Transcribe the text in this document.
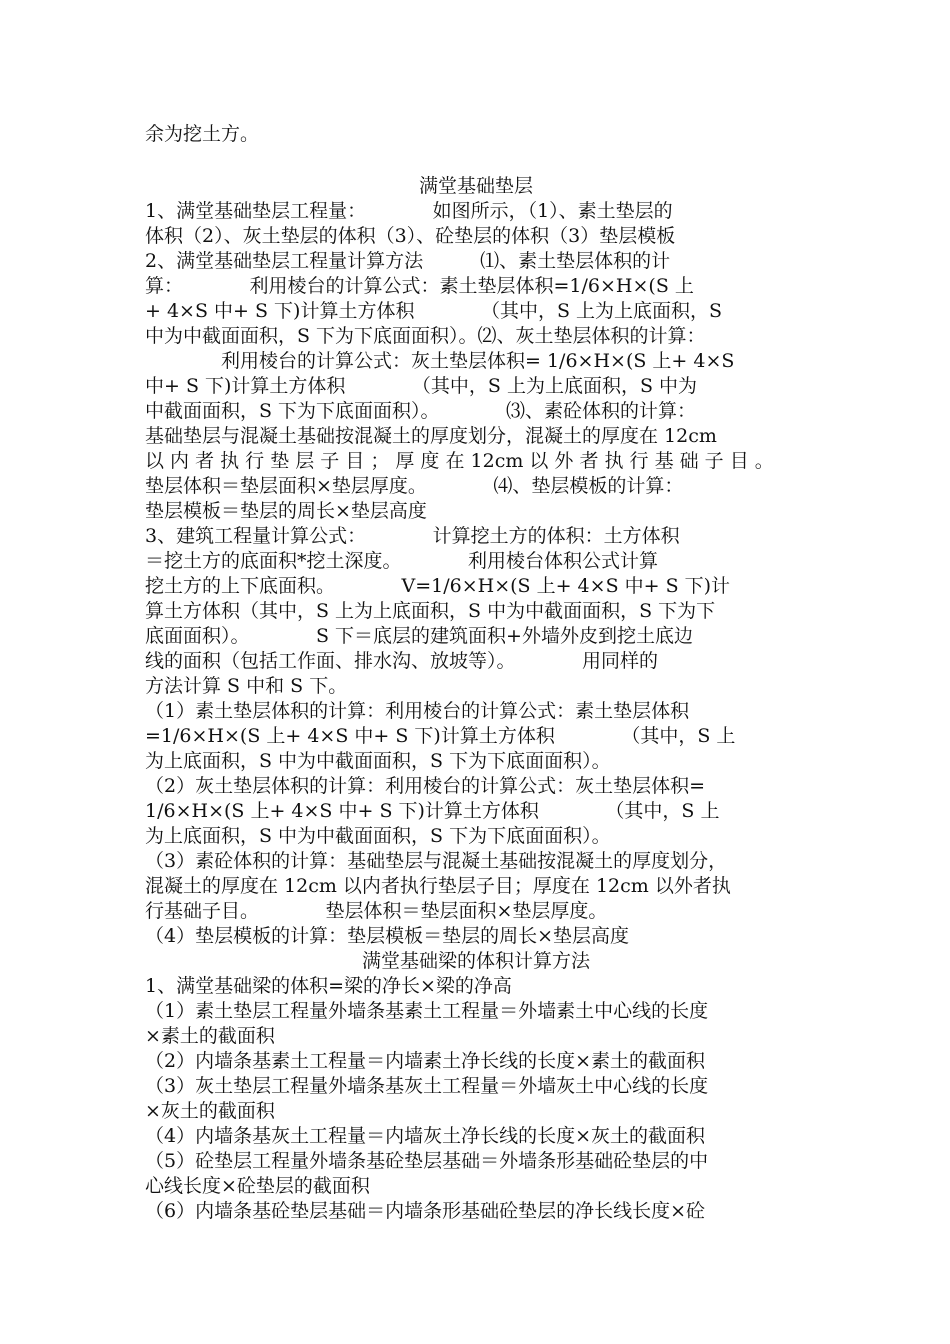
余为挖土方。
满堂基础垫层
1、满堂基础垫层工程量：　　　　如图所示，（1）、素土垫层的
体积（2）、灰土垫层的体积（3）、砼垫层的体积（3）垫层模板
2、满堂基础垫层工程量计算方法　　　⑴、素土垫层体积的计
算：　　　　利用棱台的计算公式：素土垫层体积=1/6×H×(S 上
+ 4×S 中+ S 下)计算土方体积　　　　（其中，S 上为上底面积，S
中为中截面面积，S 下为下底面面积）。⑵、灰土垫层体积的计算：
　　　　利用棱台的计算公式：灰土垫层体积= 1/6×H×(S 上+ 4×S
中+ S 下)计算土方体积　　　　（其中，S 上为上底面积，S 中为
中截面面积，S 下为下底面面积）。　　　　⑶、素砼体积的计算：
基础垫层与混凝土基础按混凝土的厚度划分，混凝土的厚度在 12cm
以 内 者 执 行 垫 层 子 目 ； 厚 度 在 12cm 以 外 者 执 行 基 础 子 目 。
垫层体积＝垫层面积×垫层厚度。　　　　⑷、垫层模板的计算：
垫层模板＝垫层的周长×垫层高度
3、建筑工程量计算公式：　　　　计算挖土方的体积：土方体积
＝挖土方的底面积*挖土深度。　　　　利用棱台体积公式计算
挖土方的上下底面积。　　　　V=1/6×H×(S 上+ 4×S 中+ S 下)计
算土方体积（其中，S 上为上底面积，S 中为中截面面积，S 下为下
底面面积）。　　　　S 下＝底层的建筑面积+外墙外皮到挖土底边
线的面积（包括工作面、排水沟、放坡等）。　　　　用同样的
方法计算 S 中和 S 下。
（1）素土垫层体积的计算：利用棱台的计算公式：素土垫层体积
=1/6×H×(S 上+ 4×S 中+ S 下)计算土方体积　　　　（其中，S 上
为上底面积，S 中为中截面面积，S 下为下底面面积）。
（2）灰土垫层体积的计算：利用棱台的计算公式：灰土垫层体积=
1/6×H×(S 上+ 4×S 中+ S 下)计算土方体积　　　　（其中，S 上
为上底面积，S 中为中截面面积，S 下为下底面面积）。
（3）素砼体积的计算：基础垫层与混凝土基础按混凝土的厚度划分，
混凝土的厚度在 12cm 以内者执行垫层子目；厚度在 12cm 以外者执
行基础子目。　　　　垫层体积＝垫层面积×垫层厚度。
（4）垫层模板的计算：垫层模板＝垫层的周长×垫层高度
满堂基础梁的体积计算方法
1、满堂基础梁的体积=梁的净长×梁的净高
（1）素土垫层工程量外墙条基素土工程量＝外墙素土中心线的长度
×素土的截面积
（2）内墙条基素土工程量＝内墙素土净长线的长度×素土的截面积
（3）灰土垫层工程量外墙条基灰土工程量＝外墙灰土中心线的长度
×灰土的截面积
（4）内墙条基灰土工程量＝内墙灰土净长线的长度×灰土的截面积
（5）砼垫层工程量外墙条基砼垫层基础＝外墙条形基础砼垫层的中
心线长度×砼垫层的截面积
（6）内墙条基砼垫层基础＝内墙条形基础砼垫层的净长线长度×砼
